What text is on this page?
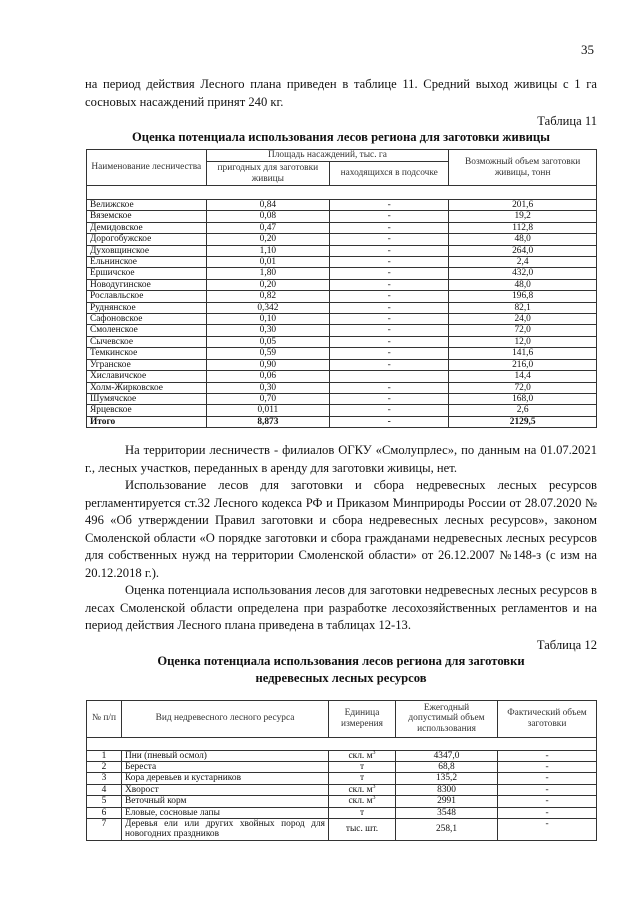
35

на период действия Лесного плана приведен в таблице 11. Средний выход живицы с 1 га сосновых насаждений принят 240 кг.

Таблица 11
Оценка потенциала использования лесов региона для заготовки живицы
Наименование лесничества	Площадь насаждений, тыс. га		Возможный объем заготовки живицы, тонн
	пригодных для заготовки живицы	находящихся в подсочке	

Велижское	0,84	-	201,6
Вяземское	0,08	-	19,2
Демидовское	0,47	-	112,8
Дорогобужское	0,20	-	48,0
Духовщинское	1,10	-	264,0
Ельнинское	0,01	-	2,4
Ершичское	1,80	-	432,0
Новодугинское	0,20	-	48,0
Рославльское	0,82	-	196,8
Руднянское	0,342	-	82,1
Сафоновское	0,10	-	24,0
Смоленское	0,30	-	72,0
Сычевское	0,05	-	12,0
Темкинское	0,59	-	141,6
Угранское	0,90	-	216,0
Хиславичское	0,06		14,4
Холм-Жирковское	0,30	-	72,0
Шумячское	0,70	-	168,0
Ярцевское	0,011	-	2,6
Итого	8,873	-	2129,5

На территории лесничеств - филиалов ОГКУ «Смолупрлес», по данным на 01.07.2021 г., лесных участков, переданных в аренду для заготовки живицы, нет.

Использование лесов для заготовки и сбора недревесных лесных ресурсов регламентируется ст.32 Лесного кодекса РФ и Приказом Минприроды России от 28.07.2020 № 496 «Об утверждении Правил заготовки и сбора недревесных лесных ресурсов», законом Смоленской области «О порядке заготовки и сбора гражданами недревесных лесных ресурсов для собственных нужд на территории Смоленской области» от 26.12.2007 №148-з (с изм на 20.12.2018 г.).

Оценка потенциала использования лесов для заготовки недревесных лесных ресурсов в лесах Смоленской области определена при разработке лесохозяйственных регламентов и на период действия Лесного плана приведена в таблицах 12-13.

Таблица 12
Оценка потенциала использования лесов региона для заготовки
недревесных лесных ресурсов
№ п/п	Вид недревесного лесного ресурса	Единица измерения	Ежегодный допустимый объем использования	Фактический объем заготовки

1	Пни (пневый осмол)	скл. $м^3$	4347,0	-
2	Береста	т	68,8	-
3	Кора деревьев и кустарников	т	135,2	-
4	Хворост	скл. $м^3$	8300	-
5	Веточный корм	скл. $м^3$	2991	-
6	Еловые, сосновые лапы	т	3548	-
7	Деревья ели или других хвойных пород для новогодних праздников	тыс. шт.	258,1	-
